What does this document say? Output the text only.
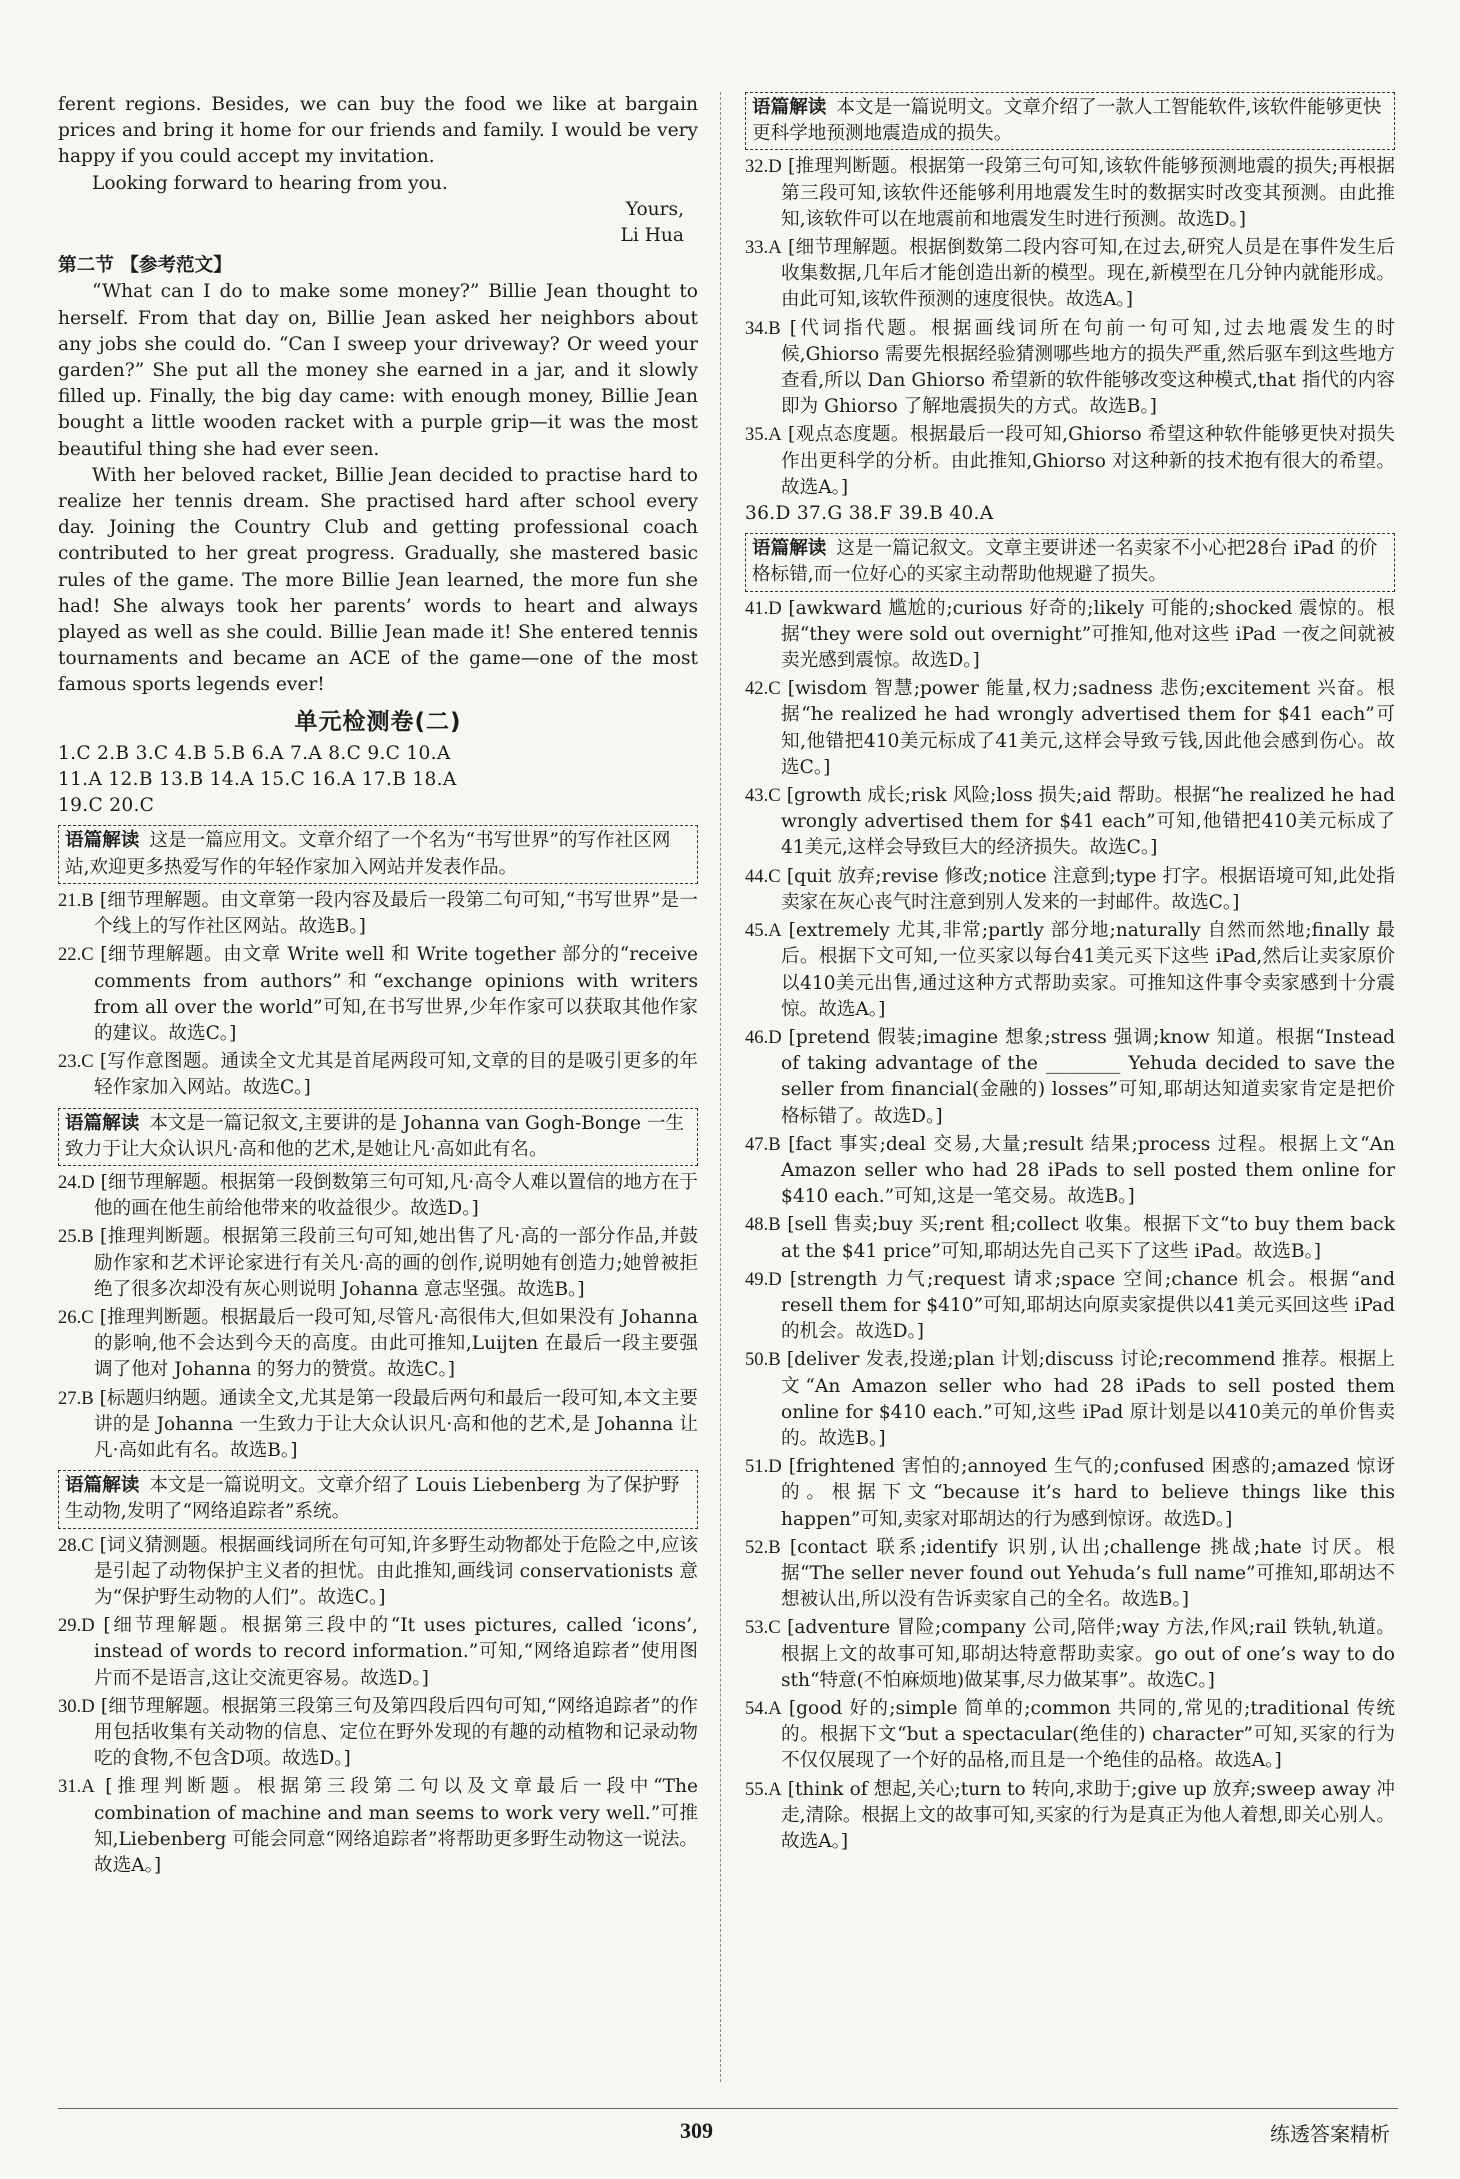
ferent regions. Besides, we can buy the food we like at bargain prices and bring it home for our friends and family. I would be very happy if you could accept my invitation.

Looking forward to hearing from you.

Yours,

Li Hua

第二节 【参考范文】

“What can I do to make some money?” Billie Jean thought to herself. From that day on, Billie Jean asked her neighbors about any jobs she could do. “Can I sweep your driveway? Or weed your garden?” She put all the money she earned in a jar, and it slowly filled up. Finally, the big day came: with enough money, Billie Jean bought a little wooden racket with a purple grip—it was the most beautiful thing she had ever seen.

With her beloved racket, Billie Jean decided to practise hard to realize her tennis dream. She practised hard after school every day. Joining the Country Club and getting professional coach contributed to her great progress. Gradually, she mastered basic rules of the game. The more Billie Jean learned, the more fun she had! She always took her parents’ words to heart and always played as well as she could. Billie Jean made it! She entered tennis tournaments and became an ACE of the game—one of the most famous sports legends ever!

单元检测卷(二)

1.C 2.B 3.C 4.B 5.B 6.A 7.A 8.C 9.C 10.A

11.A 12.B 13.B 14.A 15.C 16.A 17.B 18.A

19.C 20.C

语篇解读 这是一篇应用文。文章介绍了一个名为“书写世界”的写作社区网站,欢迎更多热爱写作的年轻作家加入网站并发表作品。

21.B [细节理解题。由文章第一段内容及最后一段第二句可知,“书写世界”是一个线上的写作社区网站。故选B。]

22.C [细节理解题。由文章 Write well 和 Write together 部分的“receive comments from authors”和“exchange opinions with writers from all over the world”可知,在书写世界,少年作家可以获取其他作家的建议。故选C。]

23.C [写作意图题。通读全文尤其是首尾两段可知,文章的目的是吸引更多的年轻作家加入网站。故选C。]

语篇解读 本文是一篇记叙文,主要讲的是 Johanna van Gogh-Bonge 一生致力于让大众认识凡·高和他的艺术,是她让凡·高如此有名。

24.D [细节理解题。根据第一段倒数第三句可知,凡·高令人难以置信的地方在于他的画在他生前给他带来的收益很少。故选D。]

25.B [推理判断题。根据第三段前三句可知,她出售了凡·高的一部分作品,并鼓励作家和艺术评论家进行有关凡·高的画的创作,说明她有创造力;她曾被拒绝了很多次却没有灰心则说明 Johanna 意志坚强。故选B。]

26.C [推理判断题。根据最后一段可知,尽管凡·高很伟大,但如果没有 Johanna 的影响,他不会达到今天的高度。由此可推知,Luijten 在最后一段主要强调了他对 Johanna 的努力的赞赏。故选C。]

27.B [标题归纳题。通读全文,尤其是第一段最后两句和最后一段可知,本文主要讲的是 Johanna 一生致力于让大众认识凡·高和他的艺术,是 Johanna 让凡·高如此有名。故选B。]

语篇解读 本文是一篇说明文。文章介绍了 Louis Liebenberg 为了保护野生动物,发明了“网络追踪者”系统。

28.C [词义猜测题。根据画线词所在句可知,许多野生动物都处于危险之中,应该是引起了动物保护主义者的担忧。由此推知,画线词 conservationists 意为“保护野生动物的人们”。故选C。]

29.D [细节理解题。根据第三段中的“It uses pictures, called ‘icons’, instead of words to record information.”可知,“网络追踪者”使用图片而不是语言,这让交流更容易。故选D。]

30.D [细节理解题。根据第三段第三句及第四段后四句可知,“网络追踪者”的作用包括收集有关动物的信息、定位在野外发现的有趣的动植物和记录动物吃的食物,不包含D项。故选D。]

31.A [推理判断题。根据第三段第二句以及文章最后一段中“The combination of machine and man seems to work very well.”可推知,Liebenberg 可能会同意“网络追踪者”将帮助更多野生动物这一说法。故选A。]

语篇解读 本文是一篇说明文。文章介绍了一款人工智能软件,该软件能够更快更科学地预测地震造成的损失。

32.D [推理判断题。根据第一段第三句可知,该软件能够预测地震的损失;再根据第三段可知,该软件还能够利用地震发生时的数据实时改变其预测。由此推知,该软件可以在地震前和地震发生时进行预测。故选D。]

33.A [细节理解题。根据倒数第二段内容可知,在过去,研究人员是在事件发生后收集数据,几年后才能创造出新的模型。现在,新模型在几分钟内就能形成。由此可知,该软件预测的速度很快。故选A。]

34.B [代词指代题。根据画线词所在句前一句可知,过去地震发生的时候,Ghiorso 需要先根据经验猜测哪些地方的损失严重,然后驱车到这些地方查看,所以 Dan Ghiorso 希望新的软件能够改变这种模式,that 指代的内容即为 Ghiorso 了解地震损失的方式。故选B。]

35.A [观点态度题。根据最后一段可知,Ghiorso 希望这种软件能够更快对损失作出更科学的分析。由此推知,Ghiorso 对这种新的技术抱有很大的希望。故选A。]

36.D 37.G 38.F 39.B 40.A

语篇解读 这是一篇记叙文。文章主要讲述一名卖家不小心把28台 iPad 的价格标错,而一位好心的买家主动帮助他规避了损失。

41.D [awkward 尴尬的;curious 好奇的;likely 可能的;shocked 震惊的。根据“they were sold out overnight”可推知,他对这些 iPad 一夜之间就被卖光感到震惊。故选D。]

42.C [wisdom 智慧;power 能量,权力;sadness 悲伤;excitement 兴奋。根据“he realized he had wrongly advertised them for $41 each”可知,他错把410美元标成了41美元,这样会导致亏钱,因此他会感到伤心。故选C。]

43.C [growth 成长;risk 风险;loss 损失;aid 帮助。根据“he realized he had wrongly advertised them for $41 each”可知,他错把410美元标成了41美元,这样会导致巨大的经济损失。故选C。]

44.C [quit 放弃;revise 修改;notice 注意到;type 打字。根据语境可知,此处指卖家在灰心丧气时注意到别人发来的一封邮件。故选C。]

45.A [extremely 尤其,非常;partly 部分地;naturally 自然而然地;finally 最后。根据下文可知,一位买家以每台41美元买下这些 iPad,然后让卖家原价以410美元出售,通过这种方式帮助卖家。可推知这件事令卖家感到十分震惊。故选A。]

46.D [pretend 假装;imagine 想象;stress 强调;know 知道。根据“Instead of taking advantage of the ________ Yehuda decided to save the seller from financial(金融的) losses”可知,耶胡达知道卖家肯定是把价格标错了。故选D。]

47.B [fact 事实;deal 交易,大量;result 结果;process 过程。根据上文“An Amazon seller who had 28 iPads to sell posted them online for $410 each.”可知,这是一笔交易。故选B。]

48.B [sell 售卖;buy 买;rent 租;collect 收集。根据下文“to buy them back at the $41 price”可知,耶胡达先自己买下了这些 iPad。故选B。]

49.D [strength 力气;request 请求;space 空间;chance 机会。根据“and resell them for $410”可知,耶胡达向原卖家提供以41美元买回这些 iPad 的机会。故选D。]

50.B [deliver 发表,投递;plan 计划;discuss 讨论;recommend 推荐。根据上文“An Amazon seller who had 28 iPads to sell posted them online for $410 each.”可知,这些 iPad 原计划是以410美元的单价售卖的。故选B。]

51.D [frightened 害怕的;annoyed 生气的;confused 困惑的;amazed 惊讶的。根据下文“because it’s hard to believe things like this happen”可知,卖家对耶胡达的行为感到惊讶。故选D。]

52.B [contact 联系;identify 识别,认出;challenge 挑战;hate 讨厌。根据“The seller never found out Yehuda’s full name”可推知,耶胡达不想被认出,所以没有告诉卖家自己的全名。故选B。]

53.C [adventure 冒险;company 公司,陪伴;way 方法,作风;rail 铁轨,轨道。根据上文的故事可知,耶胡达特意帮助卖家。go out of one’s way to do sth“特意(不怕麻烦地)做某事,尽力做某事”。故选C。]

54.A [good 好的;simple 简单的;common 共同的,常见的;traditional 传统的。根据下文“but a spectacular(绝佳的) character”可知,买家的行为不仅仅展现了一个好的品格,而且是一个绝佳的品格。故选A。]

55.A [think of 想起,关心;turn to 转向,求助于;give up 放弃;sweep away 冲走,清除。根据上文的故事可知,买家的行为是真正为他人着想,即关心别人。故选A。]

309	练透答案精析
